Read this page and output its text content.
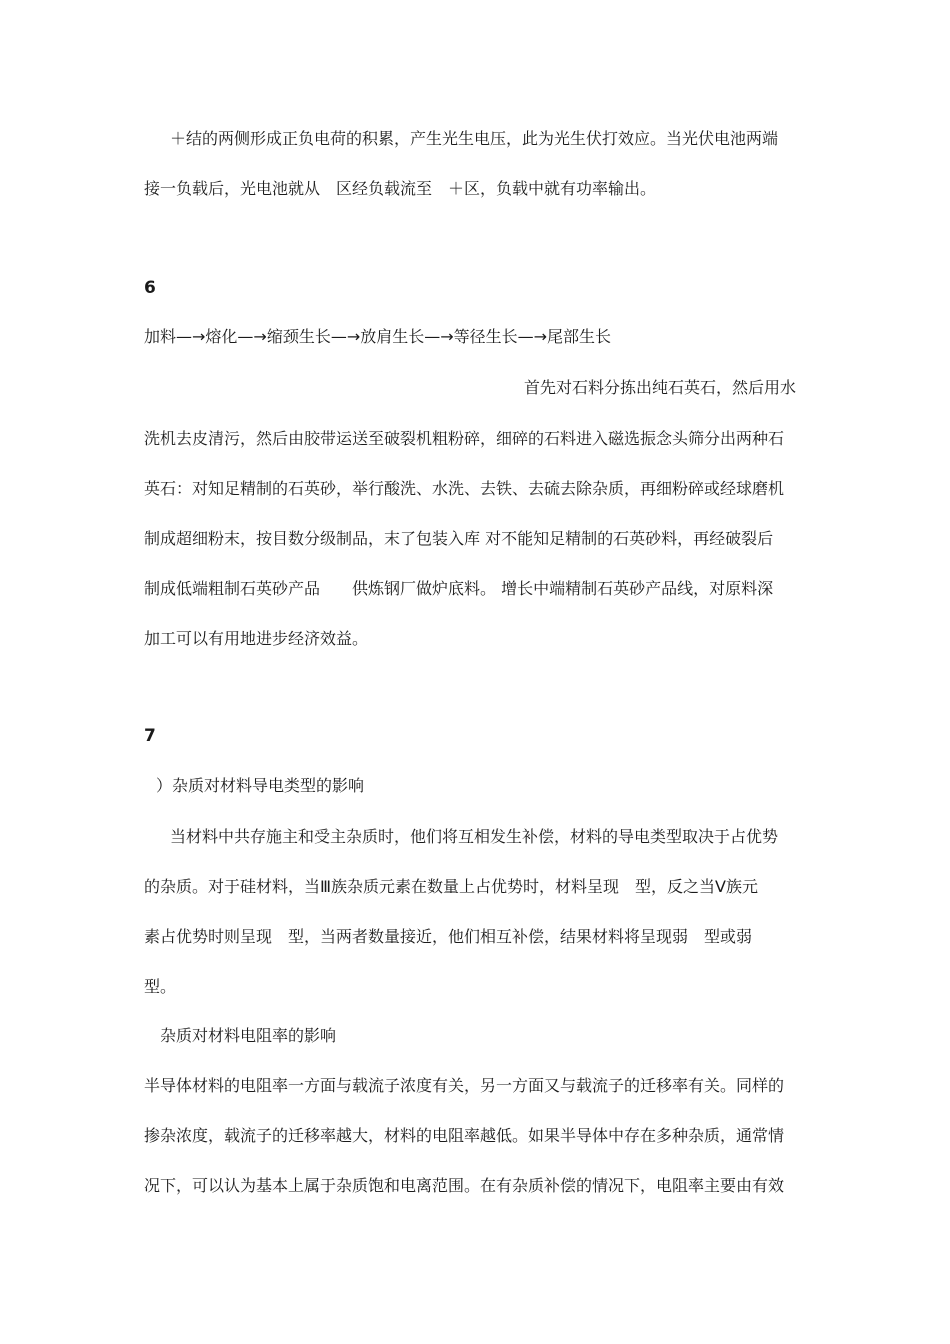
＋结的两侧形成正负电荷的积累，产生光生电压，此为光生伏打效应。当光伏电池两端

接一负载后，光电池就从　区经负载流至　＋区，负载中就有功率输出。

6

加料—→熔化—→缩颈生长—→放肩生长—→等径生长—→尾部生长

首先对石料分拣出纯石英石，然后用水

洗机去皮清污，然后由胶带运送至破裂机粗粉碎，细碎的石料进入磁选振念头筛分出两种石

英石：对知足精制的石英砂，举行酸洗、水洗、去铁、去硫去除杂质，再细粉碎或经球磨机

制成超细粉末，按目数分级制品，末了包装入库 对不能知足精制的石英砂料，再经破裂后

制成低端粗制石英砂产品　　供炼钢厂做炉底料。 增长中端精制石英砂产品线，对原料深

加工可以有用地进步经济效益。

7

）杂质对材料导电类型的影响

当材料中共存施主和受主杂质时，他们将互相发生补偿，材料的导电类型取决于占优势

的杂质。对于硅材料，当Ⅲ族杂质元素在数量上占优势时，材料呈现　型，反之当Ⅴ族元

素占优势时则呈现　型，当两者数量接近，他们相互补偿，结果材料将呈现弱　型或弱

型。

杂质对材料电阻率的影响

半导体材料的电阻率一方面与载流子浓度有关，另一方面又与载流子的迁移率有关。同样的

掺杂浓度，载流子的迁移率越大，材料的电阻率越低。如果半导体中存在多种杂质，通常情

况下，可以认为基本上属于杂质饱和电离范围。在有杂质补偿的情况下，电阻率主要由有效
